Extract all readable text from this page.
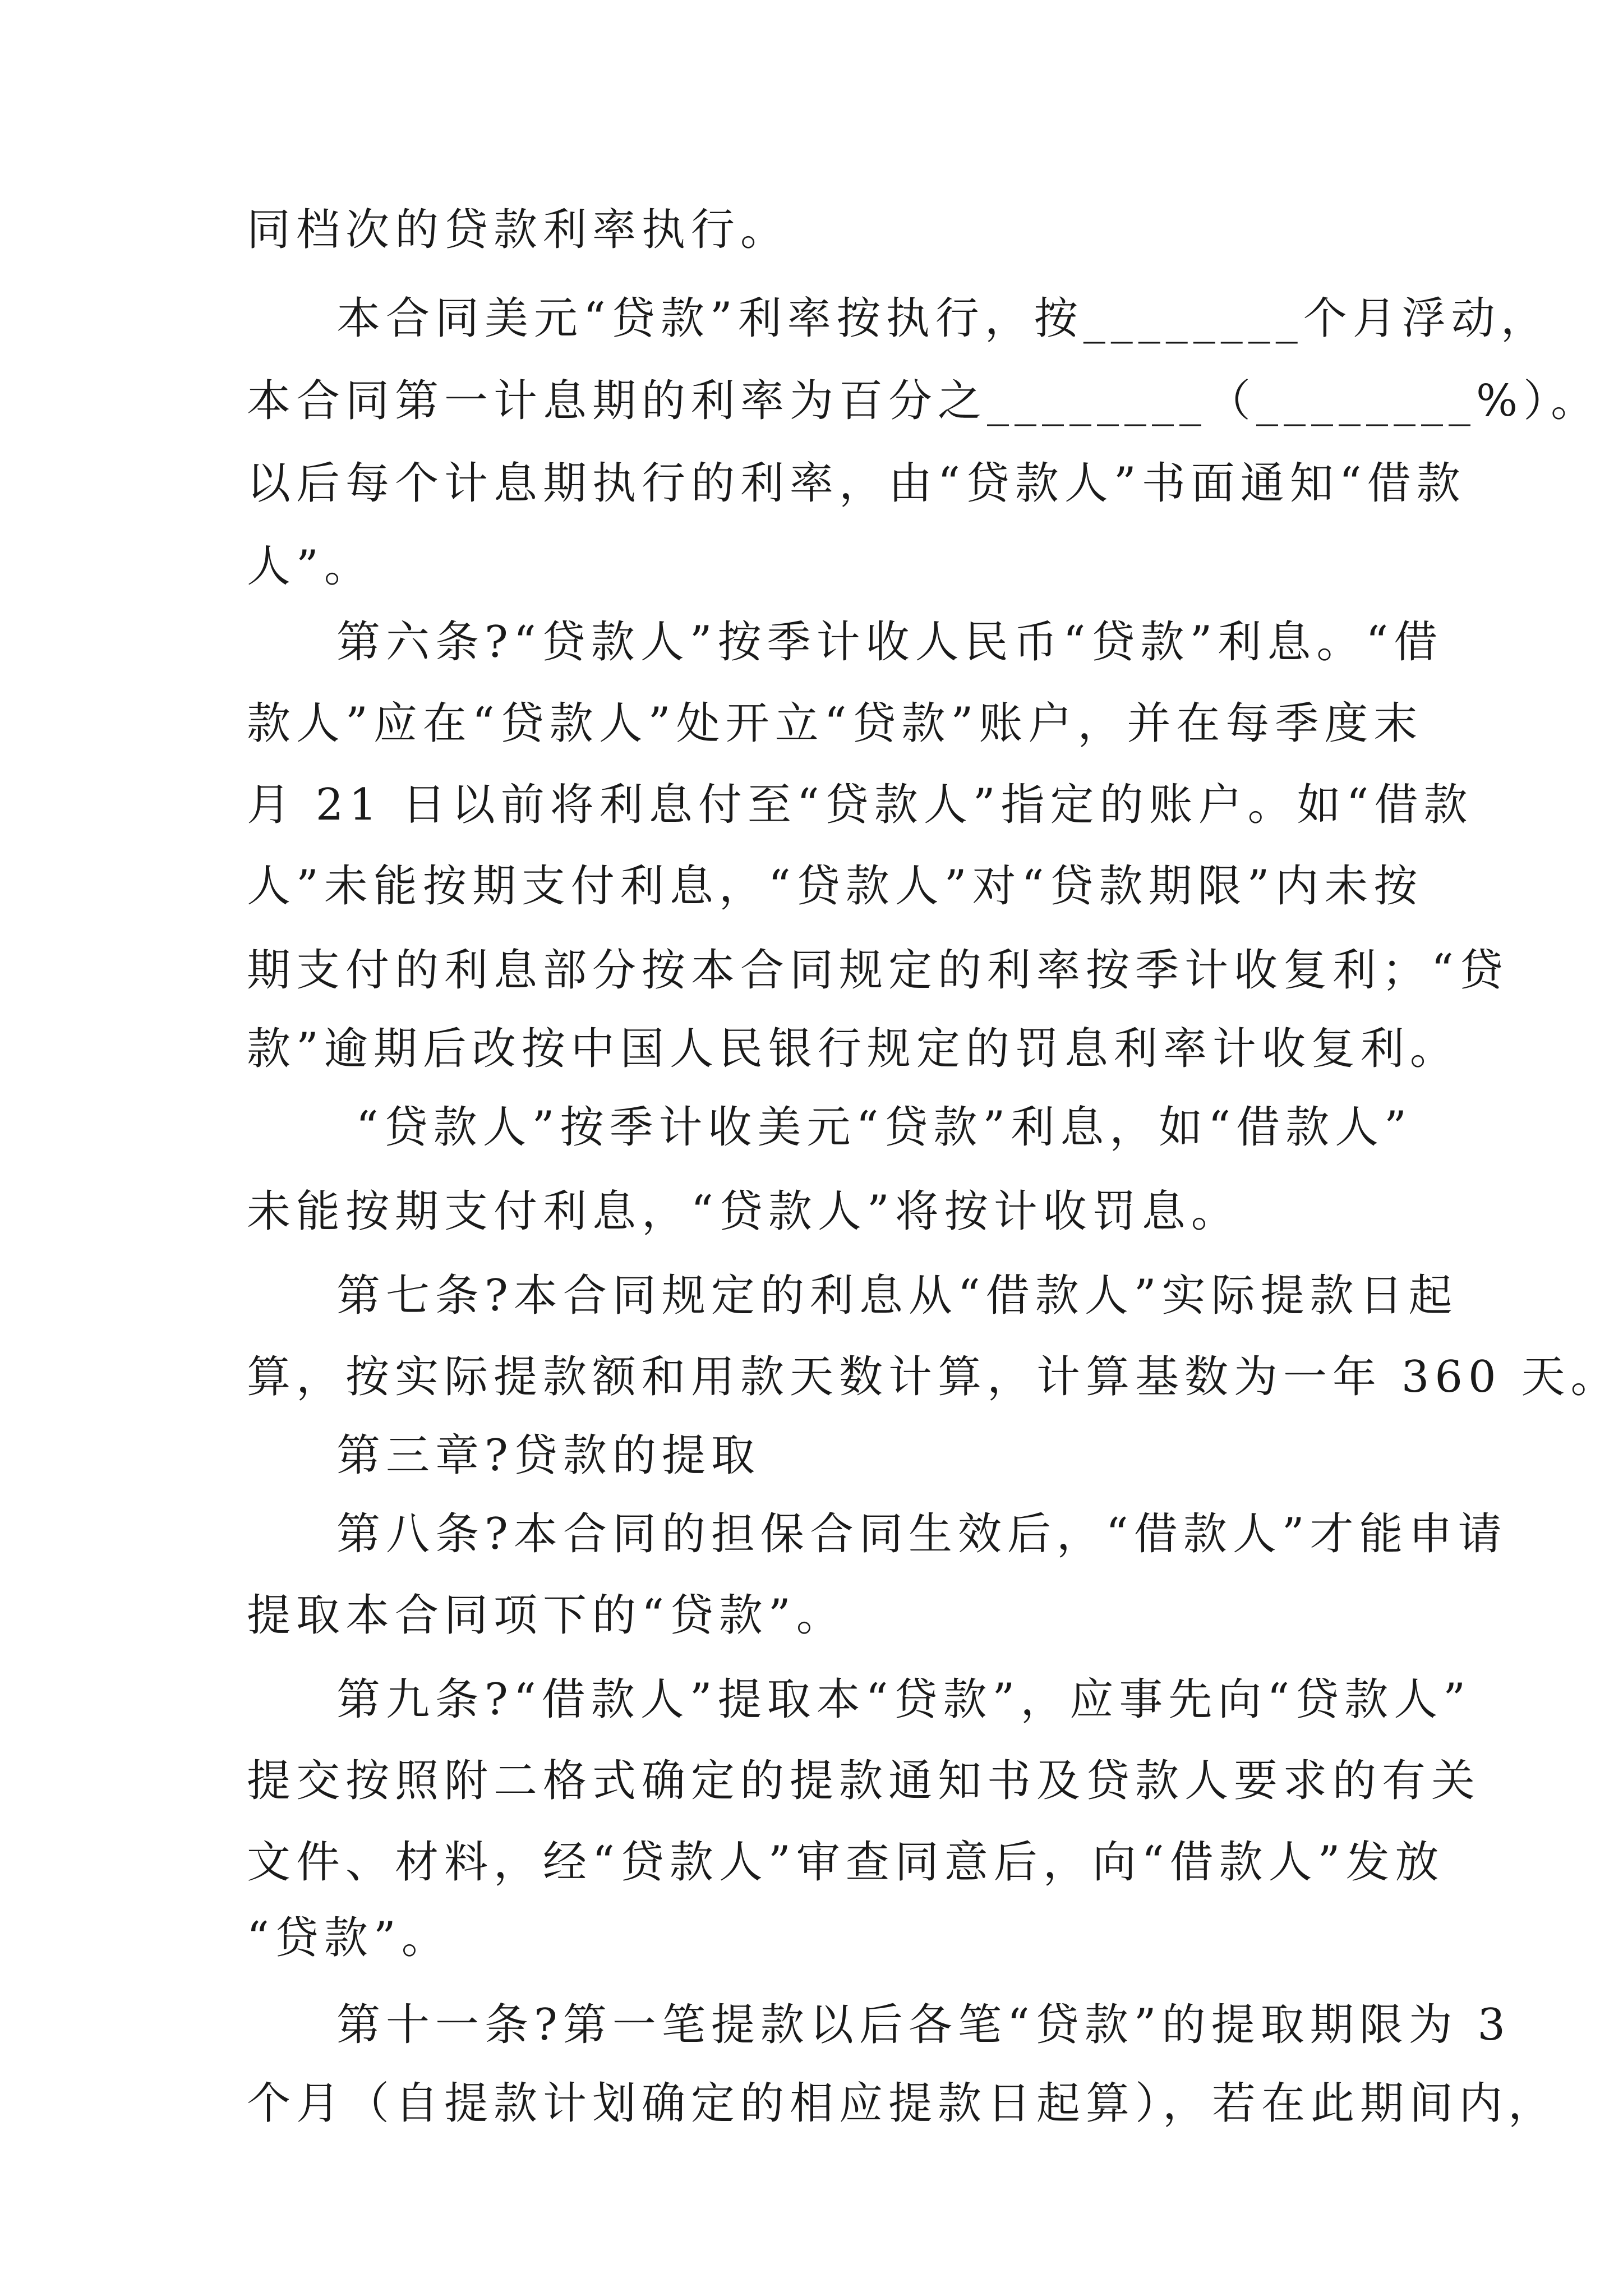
同档次的贷款利率执行。
本合同美元“贷款”利率按执行，按________个月浮动，
本合同第一计息期的利率为百分之________（________%）。
以后每个计息期执行的利率，由“贷款人”书面通知“借款
人”。
第六条?“贷款人”按季计收人民币“贷款”利息。“借
款人”应在“贷款人”处开立“贷款”账户，并在每季度末
月 21 日以前将利息付至“贷款人”指定的账户。如“借款
人”未能按期支付利息，“贷款人”对“贷款期限”内未按
期支付的利息部分按本合同规定的利率按季计收复利；“贷
款”逾期后改按中国人民银行规定的罚息利率计收复利。
“贷款人”按季计收美元“贷款”利息，如“借款人”
未能按期支付利息，“贷款人”将按计收罚息。
第七条?本合同规定的利息从“借款人”实际提款日起
算，按实际提款额和用款天数计算，计算基数为一年 360 天。
第三章?贷款的提取
第八条?本合同的担保合同生效后，“借款人”才能申请
提取本合同项下的“贷款”。
第九条?“借款人”提取本“贷款”，应事先向“贷款人”
提交按照附二格式确定的提款通知书及贷款人要求的有关
文件、材料，经“贷款人”审查同意后，向“借款人”发放
“贷款”。
第十一条?第一笔提款以后各笔“贷款”的提取期限为 3
个月（自提款计划确定的相应提款日起算），若在此期间内，
